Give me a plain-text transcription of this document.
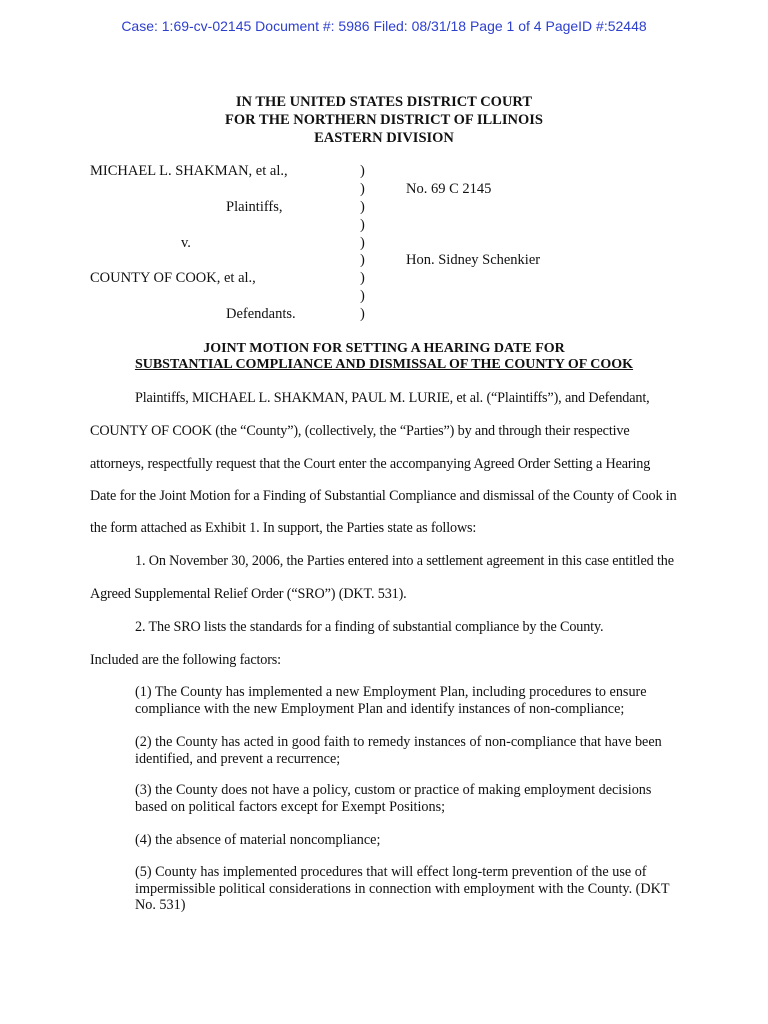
Case: 1:69-cv-02145 Document #: 5986 Filed: 08/31/18 Page 1 of 4 PageID #:52448
IN THE UNITED STATES DISTRICT COURT
FOR THE NORTHERN DISTRICT OF ILLINOIS
EASTERN DIVISION
MICHAEL L. SHAKMAN, et al.,
Plaintiffs,
v.
COUNTY OF COOK, et al.,
Defendants.
)
)
)
)
)
)
)
)
)
No. 69 C 2145
Hon. Sidney Schenkier
JOINT MOTION FOR SETTING A HEARING DATE FOR
SUBSTANTIAL COMPLIANCE AND DISMISSAL OF THE COUNTY OF COOK
Plaintiffs, MICHAEL L. SHAKMAN, PAUL M. LURIE, et al. (“Plaintiffs”), and Defendant,
COUNTY OF COOK (the “County”), (collectively, the “Parties”) by and through their respective
attorneys, respectfully request that the Court enter the accompanying Agreed Order Setting a Hearing
Date for the Joint Motion for a Finding of Substantial Compliance and dismissal of the County of Cook in
the form attached as Exhibit 1. In support, the Parties state as follows:
1. On November 30, 2006, the Parties entered into a settlement agreement in this case entitled the
Agreed Supplemental Relief Order (“SRO”) (DKT. 531).
2. The SRO lists the standards for a finding of substantial compliance by the County.
Included are the following factors:
(1) The County has implemented a new Employment Plan, including procedures to ensure compliance with the new Employment Plan and identify instances of non-compliance;
(2) the County has acted in good faith to remedy instances of non-compliance that have been identified, and prevent a recurrence;
(3) the County does not have a policy, custom or practice of making employment decisions based on political factors except for Exempt Positions;
(4) the absence of material noncompliance;
(5) County has implemented procedures that will effect long-term prevention of the use of impermissible political considerations in connection with employment with the County. (DKT No. 531)
